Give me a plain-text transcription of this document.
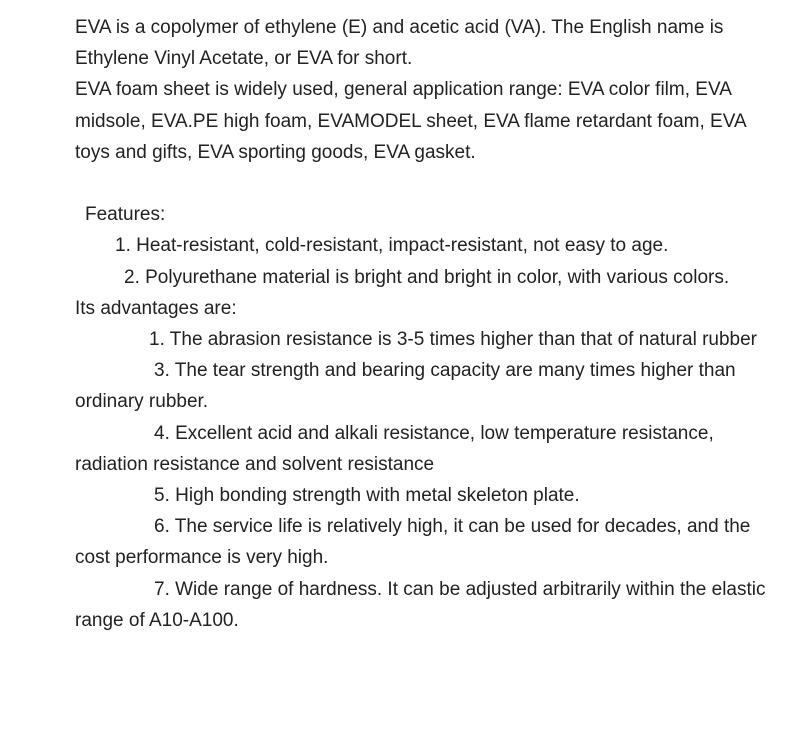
EVA is a copolymer of ethylene (E) and acetic acid (VA). The English name is Ethylene Vinyl Acetate, or EVA for short.

EVA foam sheet is widely used, general application range: EVA color film, EVA midsole, EVA.PE high foam, EVAMODEL sheet, EVA flame retardant foam, EVA toys and gifts, EVA sporting goods, EVA gasket.

Features:

1. Heat-resistant, cold-resistant, impact-resistant, not easy to age.

2. Polyurethane material is bright and bright in color, with various colors.

Its advantages are:

1. The abrasion resistance is 3-5 times higher than that of natural rubber

3. The tear strength and bearing capacity are many times higher than ordinary rubber.

4. Excellent acid and alkali resistance, low temperature resistance, radiation resistance and solvent resistance

5. High bonding strength with metal skeleton plate.

6. The service life is relatively high, it can be used for decades, and the cost performance is very high.

7. Wide range of hardness. It can be adjusted arbitrarily within the elastic range of A10-A100.
